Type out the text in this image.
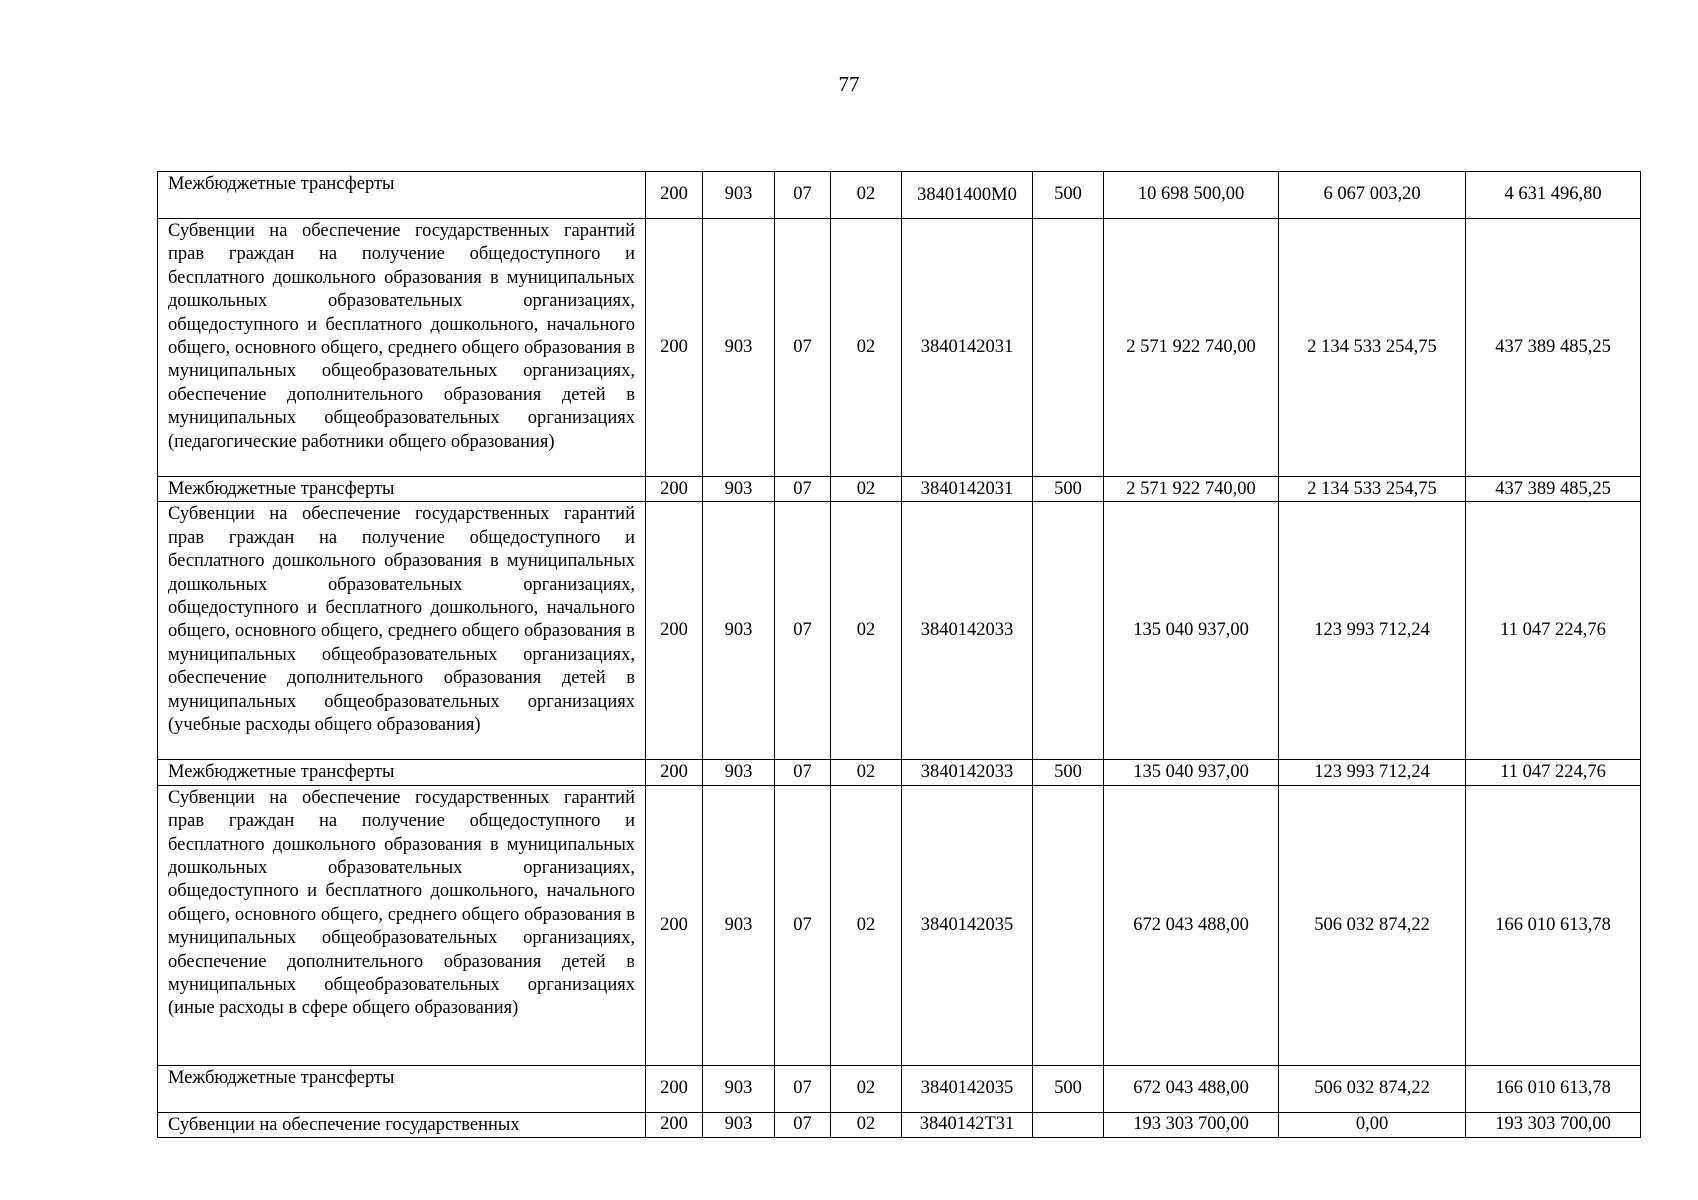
77
Межбюджетные трансферты	200	903	07	02	38401400М0	500	10 698 500,00	6 067 003,20	4 631 496,80
Субвенции на обеспечение государственных гарантий прав граждан на получение общедоступного и бесплатного дошкольного образования в муниципальных дошкольных образовательных организациях, общедоступного и бесплатного дошкольного, начального общего, основного общего, среднего общего образования в муниципальных общеобразовательных организациях, обеспечение дополнительного образования детей в муниципальных общеобразовательных организациях (педагогические работники общего образования)	200	903	07	02	3840142031		2 571 922 740,00	2 134 533 254,75	437 389 485,25
Межбюджетные трансферты	200	903	07	02	3840142031	500	2 571 922 740,00	2 134 533 254,75	437 389 485,25
Субвенции на обеспечение государственных гарантий прав граждан на получение общедоступного и бесплатного дошкольного образования в муниципальных дошкольных образовательных организациях, общедоступного и бесплатного дошкольного, начального общего, основного общего, среднего общего образования в муниципальных общеобразовательных организациях, обеспечение дополнительного образования детей в муниципальных общеобразовательных организациях (учебные расходы общего образования)	200	903	07	02	3840142033		135 040 937,00	123 993 712,24	11 047 224,76
Межбюджетные трансферты	200	903	07	02	3840142033	500	135 040 937,00	123 993 712,24	11 047 224,76
Субвенции на обеспечение государственных гарантий прав граждан на получение общедоступного и бесплатного дошкольного образования в муниципальных дошкольных образовательных организациях, общедоступного и бесплатного дошкольного, начального общего, основного общего, среднего общего образования в муниципальных общеобразовательных организациях, обеспечение дополнительного образования детей в муниципальных общеобразовательных организациях (иные расходы в сфере общего образования)	200	903	07	02	3840142035		672 043 488,00	506 032 874,22	166 010 613,78
Межбюджетные трансферты	200	903	07	02	3840142035	500	672 043 488,00	506 032 874,22	166 010 613,78
Субвенции на обеспечение государственных	200	903	07	02	3840142Т31		193 303 700,00	0,00	193 303 700,00
